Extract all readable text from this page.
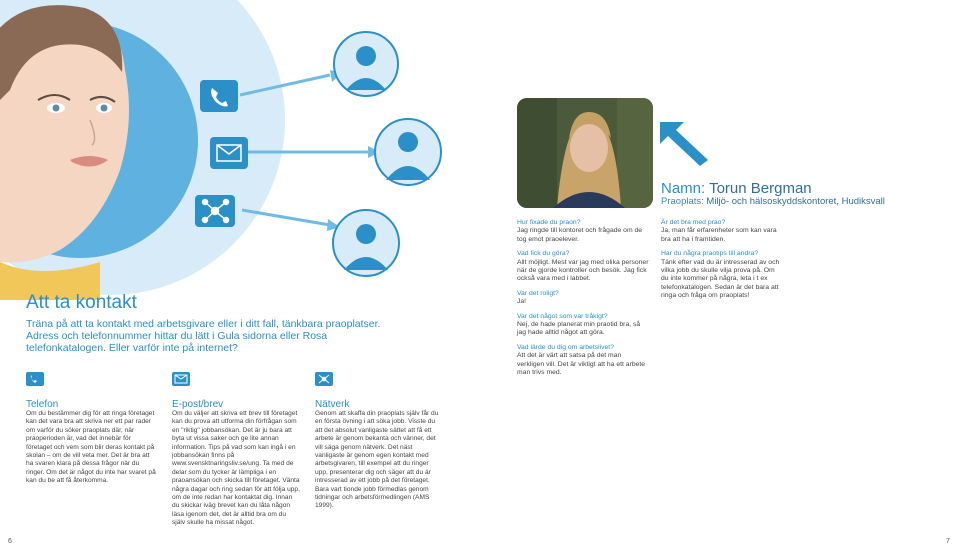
Att ta kontakt
Träna på att ta kontakt med arbetsgivare eller i ditt fall, tänkbara praoplatser. Adress och telefonnummer hittar du lätt i Gula sidorna eller Rosa telefonkatalogen. Eller varför inte på internet?
Telefon
Om du bestämmer dig för att ringa företaget kan det vara bra att skriva ner ett par rader om varför du söker praoplats där, när praoperioden är, vad det innebär för företaget och vem som blir deras kontakt på skolan – om de vill veta mer. Det är bra att ha svaren klara på dessa frågor när du ringer. Om det är något du inte har svaret på kan du be att få återkomma.
E-post/brev
Om du väljer att skriva ett brev till företaget kan du prova att utforma din förfrågan som en "riktig" jobbansökan. Det är ju bara att byta ut vissa saker och ge lite annan information. Tips på vad som kan ingå i en jobbansökan finns på www.svensktnaringsliv.se/ung. Ta med de delar som du tycker är lämpliga i en praoansökan och skicka till företaget. Vänta några dagar och ring sedan för att följa upp, om de inte redan har kontaktat dig. Innan du skickar iväg brevet kan du låta någon läsa igenom det, det är alltid bra om du själv skulle ha missat något.
Nätverk
Genom att skaffa din praoplats själv får du en första övning i att söka jobb. Visste du att det absolut vanligaste sättet att få ett arbete är genom bekanta och vänner, det vill säga genom nätverk. Det näst vanligaste är genom egen kontakt med arbetsgivaren, till exempel att du ringer upp, presenterar dig och säger att du är intresserad av ett jobb på det företaget. Bara vart tionde jobb förmedlas genom tidningar och arbetsförmedlingen (AMS 1999).
6
Namn: Torun Bergman
Praoplats: Miljö- och hälsoskyddskontoret, Hudiksvall
Hur fixade du praon?
Jag ringde till kontoret och frågade om de tog emot praoelever.
Vad fick du göra?
Allt möjligt. Mest var jag med olika personer när de gjorde kontroller och besök. Jag fick också vara med i labbet.
Var det roligt?
Ja!
Var det något som var tråkigt?
Nej, de hade planerat min praotid bra, så jag hade alltid något att göra.
Vad lärde du dig om arbetslivet?
Att det är värt att satsa på det man verkligen vill. Det är viktigt att ha ett arbete man trivs med.
Är det bra med prao?
Ja, man får erfarenheter som kan vara bra att ha i framtiden.
Har du några praotips till andra?
Tänk efter vad du är intresserad av och vilka jobb du skulle vilja prova på. Om du inte kommer på några, leta i t ex telefonkatalogen. Sedan är det bara att ringa och fråga om praoplats!
7
